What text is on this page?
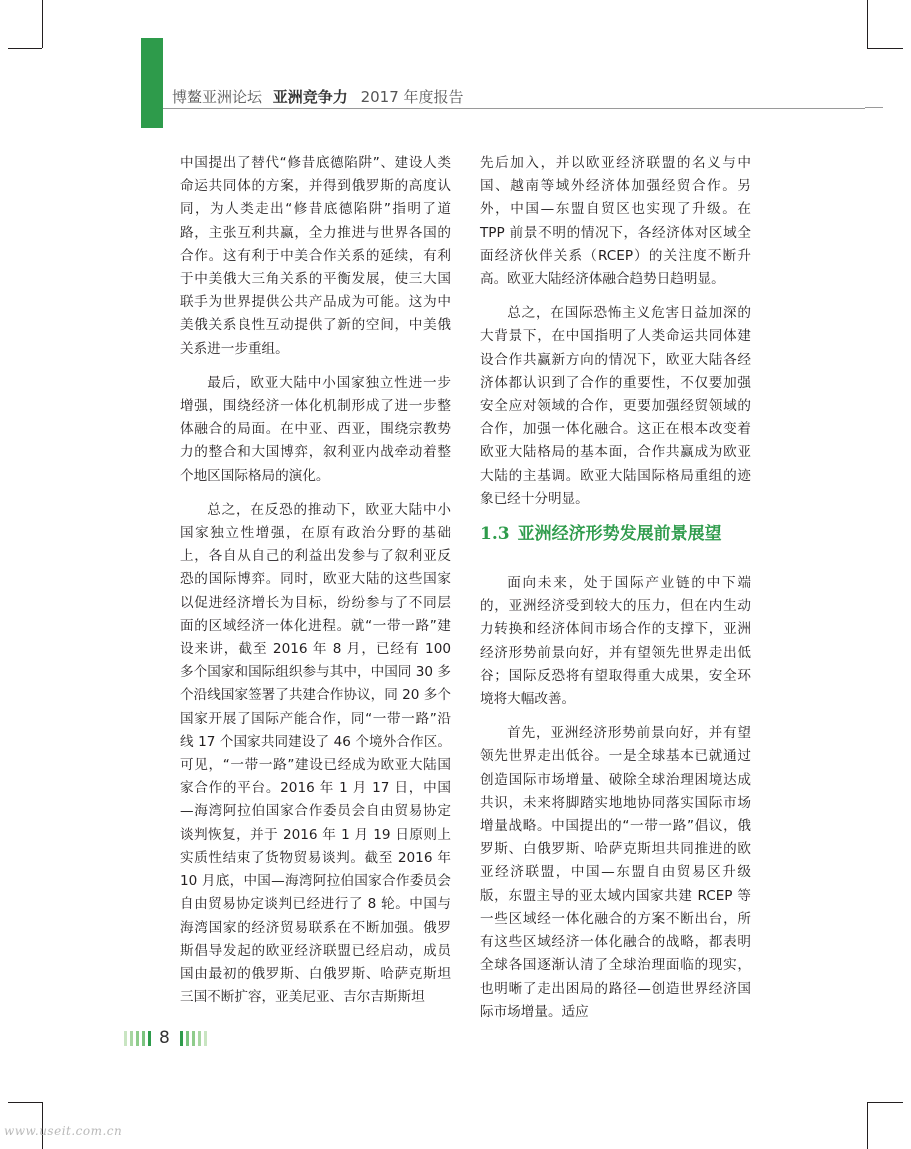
博鳌亚洲论坛 亚洲竞争力 2017 年度报告

中国提出了替代“修昔底德陷阱”、建设人类命运共同体的方案，并得到俄罗斯的高度认同，为人类走出“修昔底德陷阱”指明了道路，主张互利共赢，全力推进与世界各国的合作。这有利于中美合作关系的延续，有利于中美俄大三角关系的平衡发展，使三大国联手为世界提供公共产品成为可能。这为中美俄关系良性互动提供了新的空间，中美俄关系进一步重组。

最后，欧亚大陆中小国家独立性进一步增强，围绕经济一体化机制形成了进一步整体融合的局面。在中亚、西亚，围绕宗教势力的整合和大国博弈，叙利亚内战牵动着整个地区国际格局的演化。

总之，在反恐的推动下，欧亚大陆中小国家独立性增强，在原有政治分野的基础上，各自从自己的利益出发参与了叙利亚反恐的国际博弈。同时，欧亚大陆的这些国家以促进经济增长为目标，纷纷参与了不同层面的区域经济一体化进程。就“一带一路”建设来讲，截至 2016 年 8 月，已经有 100 多个国家和国际组织参与其中，中国同 30 多个沿线国家签署了共建合作协议，同 20 多个国家开展了国际产能合作，同“一带一路”沿线 17 个国家共同建设了 46 个境外合作区。可见，“一带一路”建设已经成为欧亚大陆国家合作的平台。2016 年 1 月 17 日，中国—海湾阿拉伯国家合作委员会自由贸易协定谈判恢复，并于 2016 年 1 月 19 日原则上实质性结束了货物贸易谈判。截至 2016 年 10 月底，中国—海湾阿拉伯国家合作委员会自由贸易协定谈判已经进行了 8 轮。中国与海湾国家的经济贸易联系在不断加强。俄罗斯倡导发起的欧亚经济联盟已经启动，成员国由最初的俄罗斯、白俄罗斯、哈萨克斯坦三国不断扩容，亚美尼亚、吉尔吉斯斯坦

先后加入，并以欧亚经济联盟的名义与中国、越南等域外经济体加强经贸合作。另外，中国—东盟自贸区也实现了升级。在 TPP 前景不明的情况下，各经济体对区域全面经济伙伴关系（RCEP）的关注度不断升高。欧亚大陆经济体融合趋势日趋明显。

总之，在国际恐怖主义危害日益加深的大背景下，在中国指明了人类命运共同体建设合作共赢新方向的情况下，欧亚大陆各经济体都认识到了合作的重要性，不仅要加强安全应对领域的合作，更要加强经贸领域的合作，加强一体化融合。这正在根本改变着欧亚大陆格局的基本面，合作共赢成为欧亚大陆的主基调。欧亚大陆国际格局重组的迹象已经十分明显。

1.3 亚洲经济形势发展前景展望

面向未来，处于国际产业链的中下端的，亚洲经济受到较大的压力，但在内生动力转换和经济体间市场合作的支撑下，亚洲经济形势前景向好，并有望领先世界走出低谷；国际反恐将有望取得重大成果，安全环境将大幅改善。

首先，亚洲经济形势前景向好，并有望领先世界走出低谷。一是全球基本已就通过创造国际市场增量、破除全球治理困境达成共识，未来将脚踏实地地协同落实国际市场增量战略。中国提出的“一带一路”倡议，俄罗斯、白俄罗斯、哈萨克斯坦共同推进的欧亚经济联盟，中国—东盟自由贸易区升级版，东盟主导的亚太域内国家共建 RCEP 等一些区域经一体化融合的方案不断出台，所有这些区域经济一体化融合的战略，都表明全球各国逐渐认清了全球治理面临的现实，也明晰了走出困局的路径—创造世界经济国际市场增量。适应

8
www.useit.com.cn
